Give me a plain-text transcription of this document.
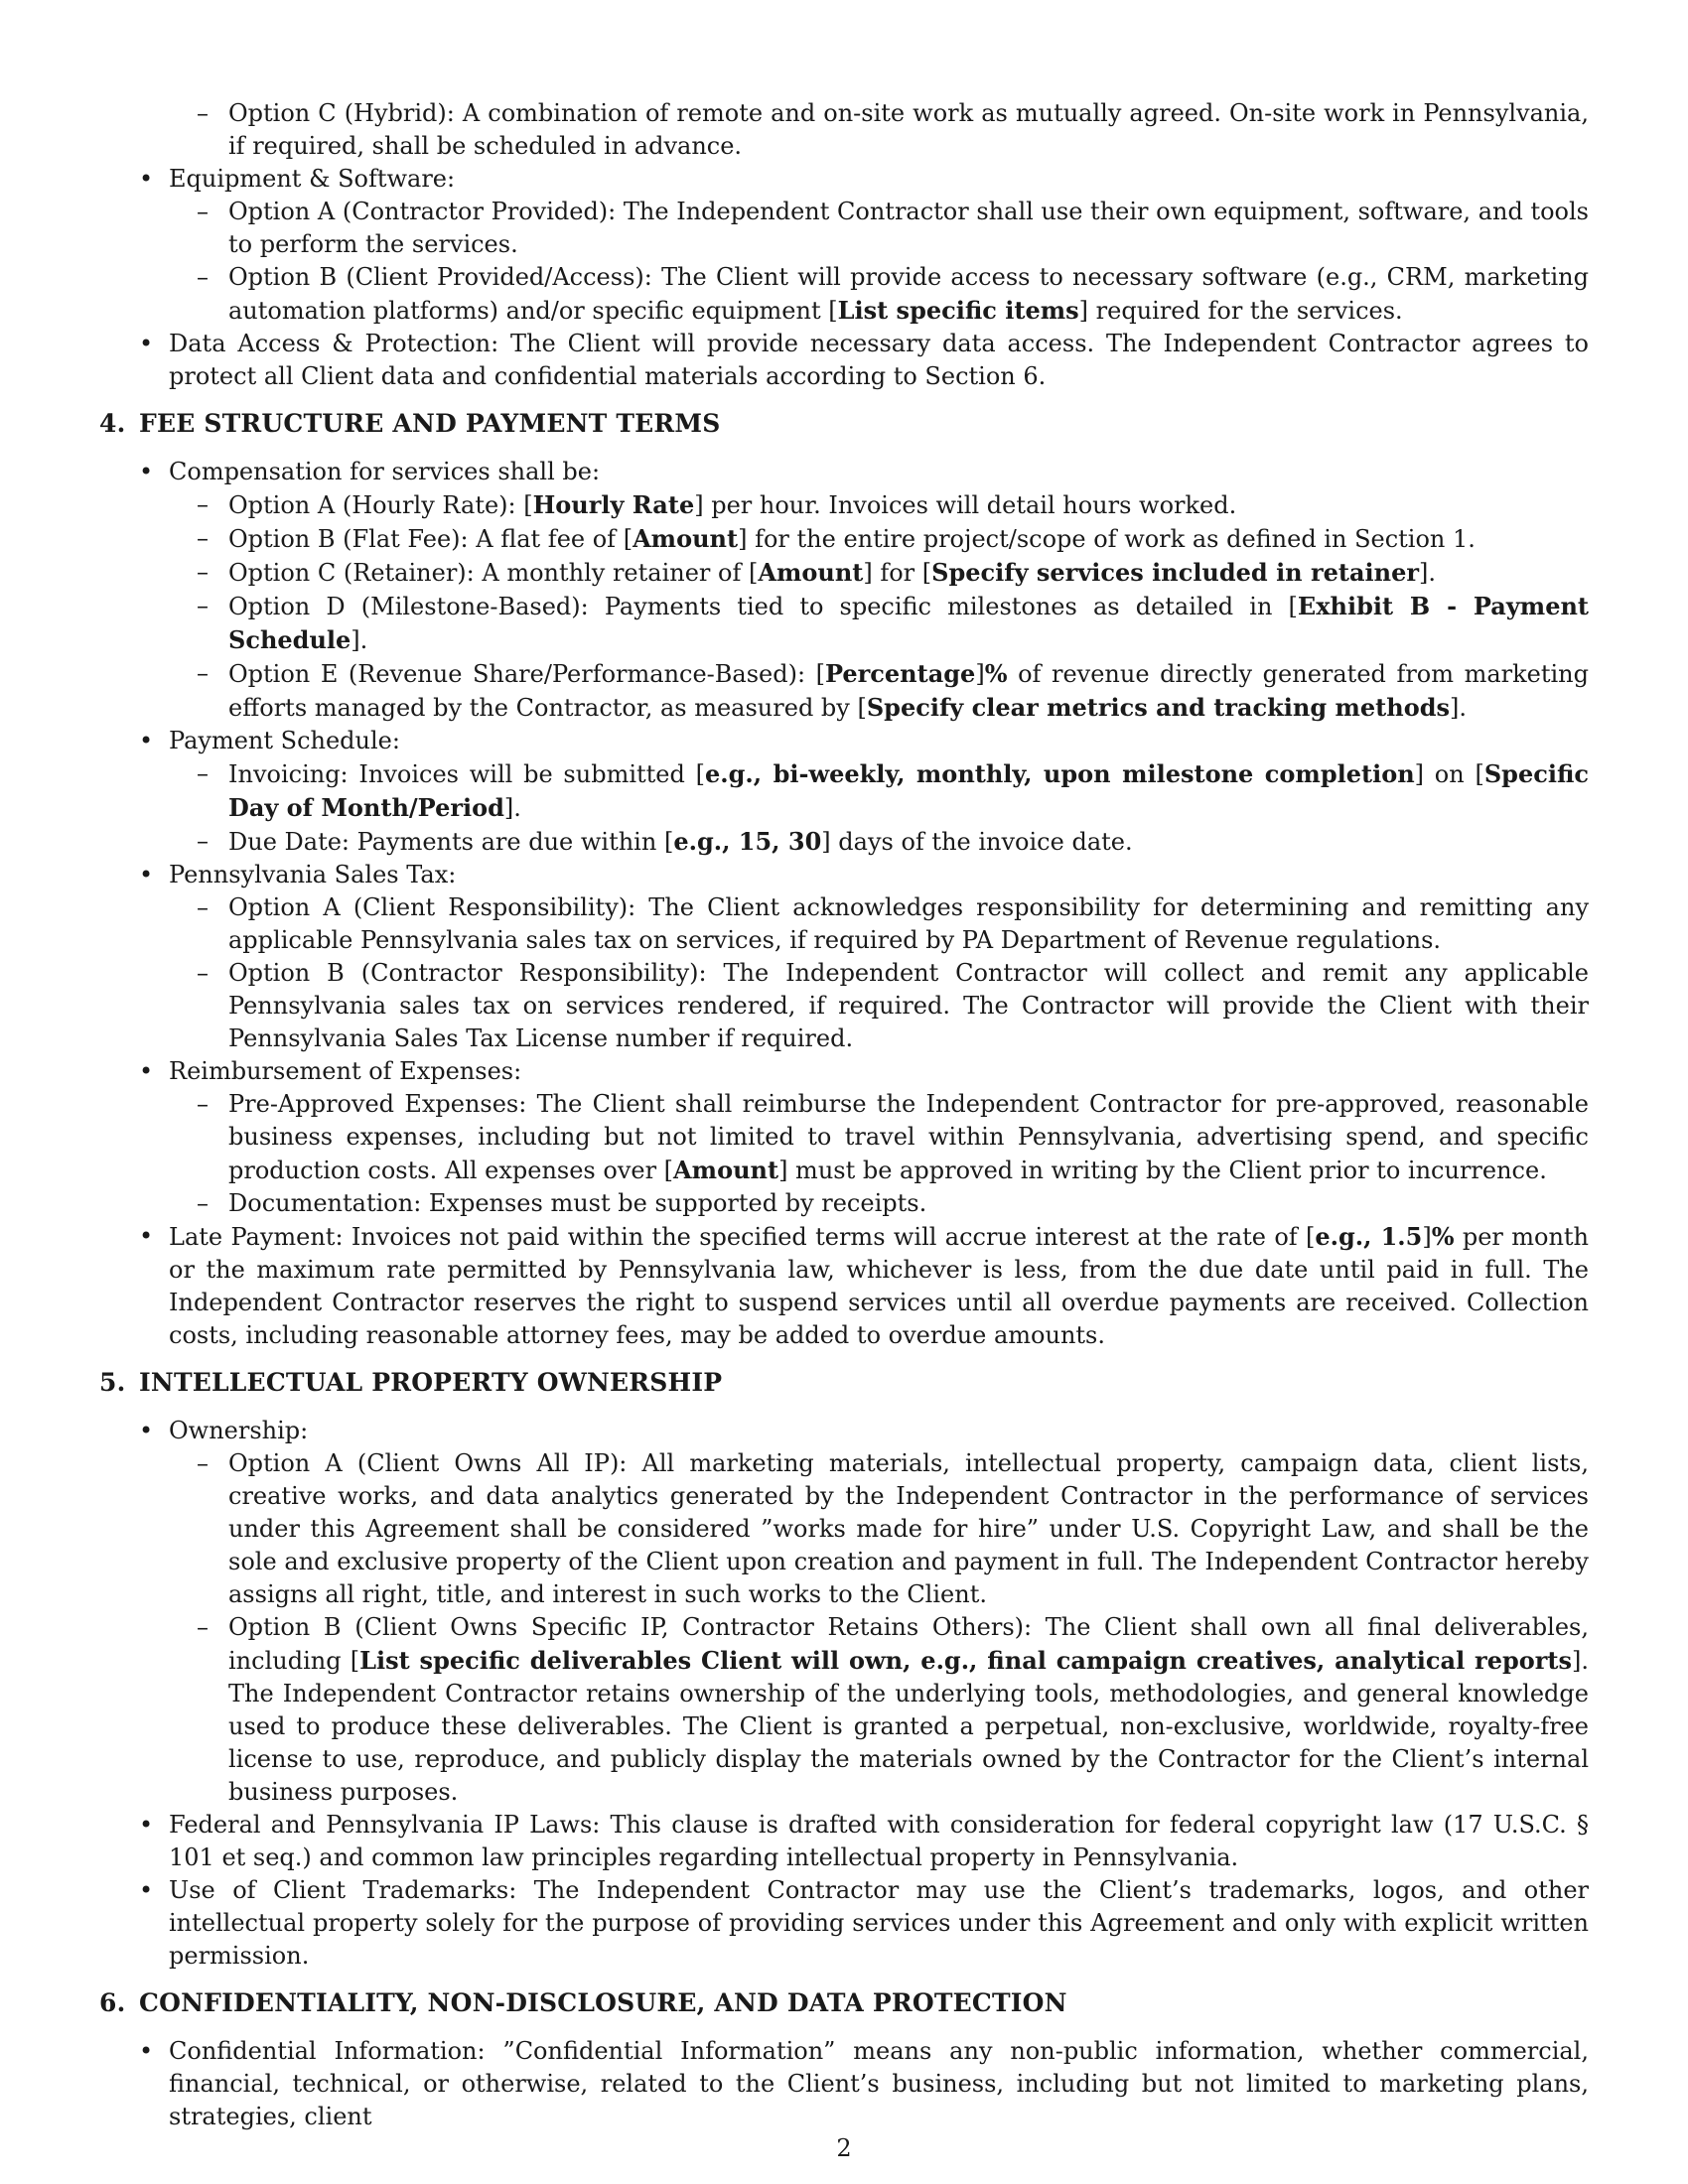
– Option C (Hybrid): A combination of remote and on-site work as mutually agreed. On-site work in Pennsylvania, if required, shall be scheduled in advance.
• Equipment & Software:
– Option A (Contractor Provided): The Independent Contractor shall use their own equipment, software, and tools to perform the services.
– Option B (Client Provided/Access): The Client will provide access to necessary software (e.g., CRM, marketing automation platforms) and/or specific equipment [List specific items] required for the services.
• Data Access & Protection: The Client will provide necessary data access. The Independent Contractor agrees to protect all Client data and confidential materials according to Section 6.
4. FEE STRUCTURE AND PAYMENT TERMS
• Compensation for services shall be:
– Option A (Hourly Rate): [Hourly Rate] per hour. Invoices will detail hours worked.
– Option B (Flat Fee): A flat fee of [Amount] for the entire project/scope of work as defined in Section 1.
– Option C (Retainer): A monthly retainer of [Amount] for [Specify services included in retainer].
– Option D (Milestone-Based): Payments tied to specific milestones as detailed in [Exhibit B - Payment Schedule].
– Option E (Revenue Share/Performance-Based): [Percentage]% of revenue directly generated from marketing efforts managed by the Contractor, as measured by [Specify clear metrics and tracking methods].
• Payment Schedule:
– Invoicing: Invoices will be submitted [e.g., bi-weekly, monthly, upon milestone completion] on [Specific Day of Month/Period].
– Due Date: Payments are due within [e.g., 15, 30] days of the invoice date.
• Pennsylvania Sales Tax:
– Option A (Client Responsibility): The Client acknowledges responsibility for determining and remitting any applicable Pennsylvania sales tax on services, if required by PA Department of Revenue regulations.
– Option B (Contractor Responsibility): The Independent Contractor will collect and remit any applicable Pennsylvania sales tax on services rendered, if required. The Contractor will provide the Client with their Pennsylvania Sales Tax License number if required.
• Reimbursement of Expenses:
– Pre-Approved Expenses: The Client shall reimburse the Independent Contractor for pre-approved, reasonable business expenses, including but not limited to travel within Pennsylvania, advertising spend, and specific production costs. All expenses over [Amount] must be approved in writing by the Client prior to incurrence.
– Documentation: Expenses must be supported by receipts.
• Late Payment: Invoices not paid within the specified terms will accrue interest at the rate of [e.g., 1.5]% per month or the maximum rate permitted by Pennsylvania law, whichever is less, from the due date until paid in full. The Independent Contractor reserves the right to suspend services until all overdue payments are received. Collection costs, including reasonable attorney fees, may be added to overdue amounts.
5. INTELLECTUAL PROPERTY OWNERSHIP
• Ownership:
– Option A (Client Owns All IP): All marketing materials, intellectual property, campaign data, client lists, creative works, and data analytics generated by the Independent Contractor in the performance of services under this Agreement shall be considered ”works made for hire” under U.S. Copyright Law, and shall be the sole and exclusive property of the Client upon creation and payment in full. The Independent Contractor hereby assigns all right, title, and interest in such works to the Client.
– Option B (Client Owns Specific IP, Contractor Retains Others): The Client shall own all final deliverables, including [List specific deliverables Client will own, e.g., final campaign creatives, analytical reports]. The Independent Contractor retains ownership of the underlying tools, methodologies, and general knowledge used to produce these deliverables. The Client is granted a perpetual, non-exclusive, worldwide, royalty-free license to use, reproduce, and publicly display the materials owned by the Contractor for the Client’s internal business purposes.
• Federal and Pennsylvania IP Laws: This clause is drafted with consideration for federal copyright law (17 U.S.C. § 101 et seq.) and common law principles regarding intellectual property in Pennsylvania.
• Use of Client Trademarks: The Independent Contractor may use the Client’s trademarks, logos, and other intellectual property solely for the purpose of providing services under this Agreement and only with explicit written permission.
6. CONFIDENTIALITY, NON-DISCLOSURE, AND DATA PROTECTION
• Confidential Information: ”Confidential Information” means any non-public information, whether commercial, financial, technical, or otherwise, related to the Client’s business, including but not limited to marketing plans, strategies, client
2
